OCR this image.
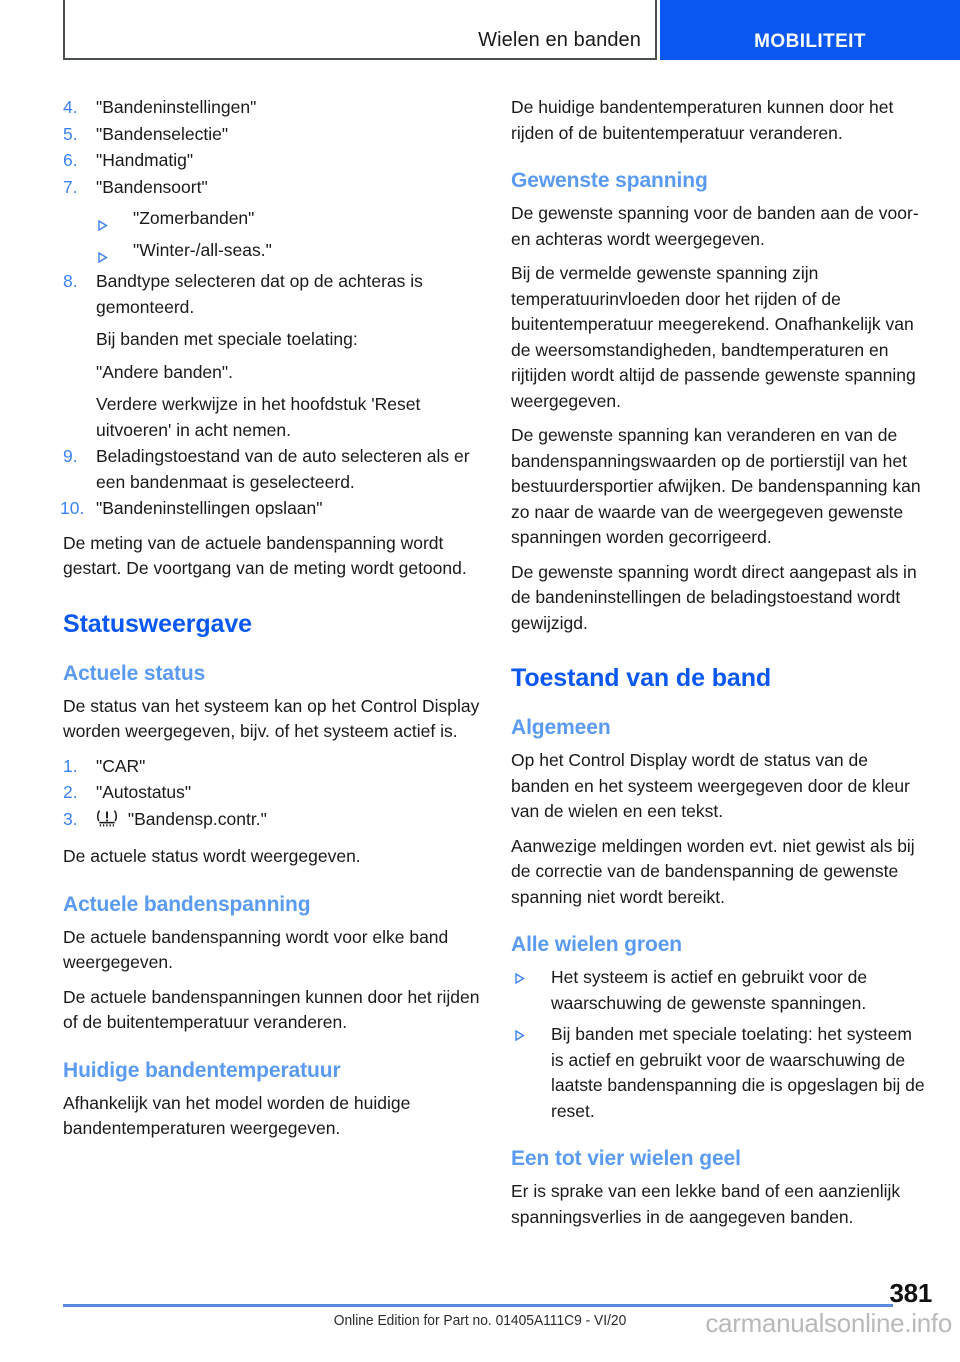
Wielen en banden	MOBILITEIT
4.	"Bandeninstellingen"
5.	"Bandenselectie"
6.	"Handmatig"
7.	"Bandensoort"
"Zomerbanden"
"Winter-/all-seas."
8.	Bandtype selecteren dat op de achteras is gemonteerd.
Bij banden met speciale toelating:
"Andere banden".
Verdere werkwijze in het hoofdstuk 'Reset uitvoeren' in acht nemen.
9.	Beladingstoestand van de auto selecteren als er een bandenmaat is geselecteerd.
10. "Bandeninstellingen opslaan"

De meting van de actuele bandenspanning wordt gestart. De voortgang van de meting wordt getoond.

Statusweergave
Actuele status

De status van het systeem kan op het Control Display worden weergegeven, bijv. of het systeem actief is.

1.	"CAR"
2.	"Autostatus"
3.	"Bandensp.contr."

De actuele status wordt weergegeven.

Actuele bandenspanning

De actuele bandenspanning wordt voor elke band weergegeven.

De actuele bandenspanningen kunnen door het rijden of de buitentemperatuur veranderen.

Huidige bandentemperatuur

Afhankelijk van het model worden de huidige bandentemperaturen weergegeven.

De huidige bandentemperaturen kunnen door het rijden of de buitentemperatuur veranderen.

Gewenste spanning

De gewenste spanning voor de banden aan de voor- en achteras wordt weergegeven.

Bij de vermelde gewenste spanning zijn temperatuurinvloeden door het rijden of de buitentemperatuur meegerekend. Onafhankelijk van de weersomstandigheden, bandtemperaturen en rijtijden wordt altijd de passende gewenste spanning weergegeven.

De gewenste spanning kan veranderen en van de bandenspanningswaarden op de portierstijl van het bestuurdersportier afwijken. De bandenspanning kan zo naar de waarde van de weergegeven gewenste spanningen worden gecorrigeerd.

De gewenste spanning wordt direct aangepast als in de bandeninstellingen de beladingstoestand wordt gewijzigd.

Toestand van de band
Algemeen

Op het Control Display wordt de status van de banden en het systeem weergegeven door de kleur van de wielen en een tekst.

Aanwezige meldingen worden evt. niet gewist als bij de correctie van de bandenspanning de gewenste spanning niet wordt bereikt.

Alle wielen groen
Het systeem is actief en gebruikt voor de waarschuwing de gewenste spanningen.
Bij banden met speciale toelating: het systeem is actief en gebruikt voor de waarschuwing de laatste bandenspanning die is opgeslagen bij de reset.
Een tot vier wielen geel

Er is sprake van een lekke band of een aanzienlijk spanningsverlies in de aangegeven banden.

381
Online Edition for Part no. 01405A111C9 - VI/20	carmanualsonline.info
